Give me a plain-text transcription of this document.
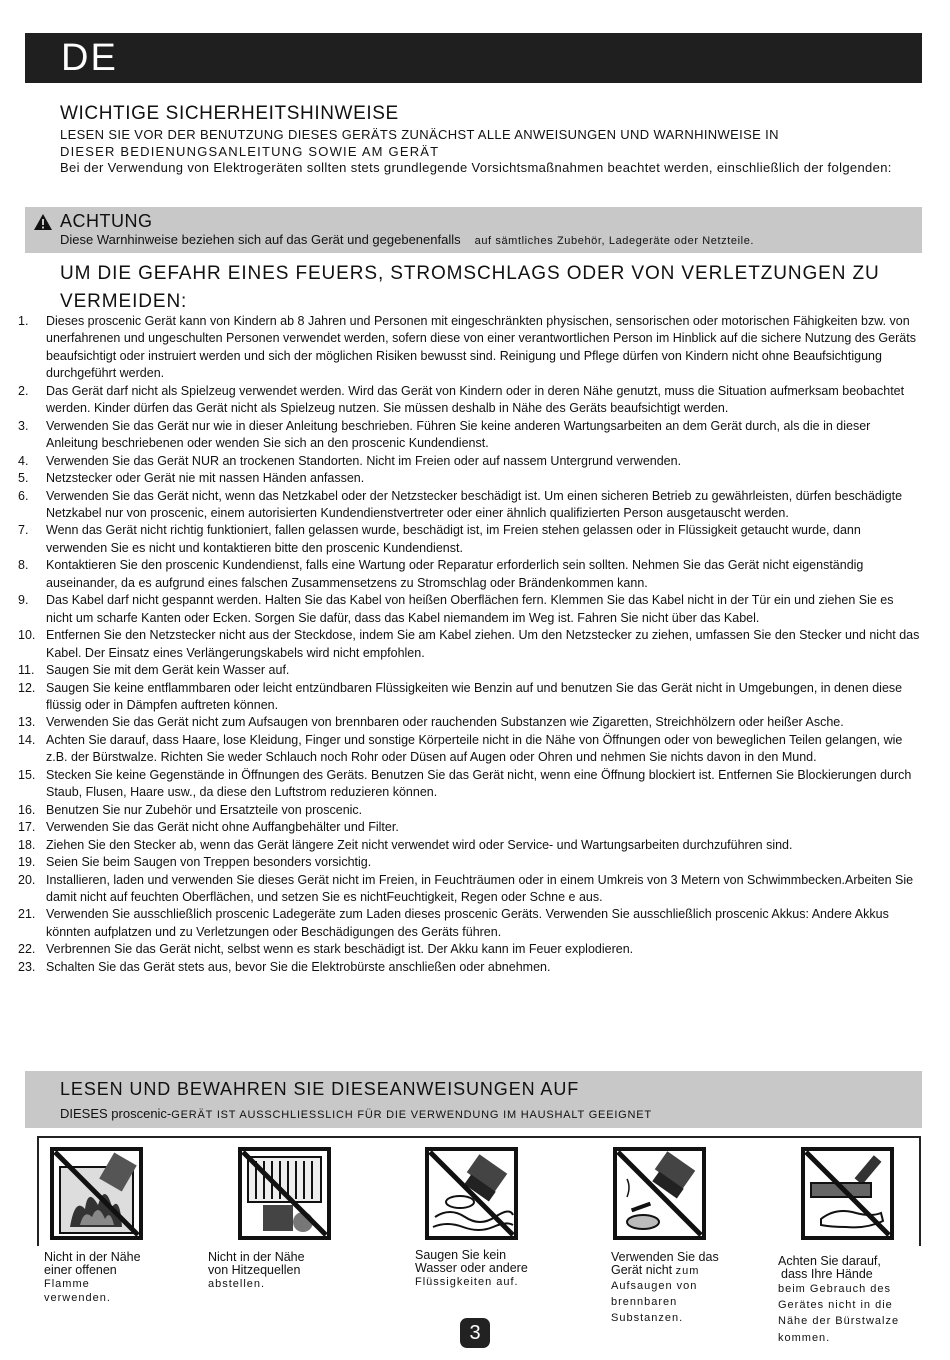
DE
WICHTIGE SICHERHEITSHINWEISE

LESEN SIE VOR DER BENUTZUNG DIESES GERÄTS ZUNÄCHST ALLE ANWEISUNGEN UND WARNHINWEISE IN

DIESER BEDIENUNGSANLEITUNG SOWIE AM GERÄT

Bei der Verwendung von Elektrogeräten sollten stets grundlegende Vorsichtsmaßnahmen beachtet werden, einschließlich der folgenden:

ACHTUNG
Diese Warnhinweise beziehen sich auf das Gerät und gegebenenfalls auf sämtliches Zubehör, Ladegeräte oder Netzteile.
UM DIE GEFAHR EINES FEUERS, STROMSCHLAGS ODER VON VERLETZUNGEN ZU VERMEIDEN:
1. Dieses proscenic Gerät kann von Kindern ab 8 Jahren und Personen mit eingeschränkten physischen, sensorischen oder motorischen Fähigkeiten bzw. von unerfahrenen und ungeschulten Personen verwendet werden, sofern diese von einer verantwortlichen Person im Hinblick auf die sichere Nutzung des Geräts beaufsichtigt oder instruiert werden und sich der möglichen Risiken bewusst sind. Reinigung und Pflege dürfen von Kindern nicht ohne Beaufsichtigung durchgeführt werden.
2. Das Gerät darf nicht als Spielzeug verwendet werden. Wird das Gerät von Kindern oder in deren Nähe genutzt, muss die Situation aufmerksam beobachtet werden. Kinder dürfen das Gerät nicht als Spielzeug nutzen. Sie müssen deshalb in Nähe des Geräts beaufsichtigt werden.
3. Verwenden Sie das Gerät nur wie in dieser Anleitung beschrieben. Führen Sie keine anderen Wartungsarbeiten an dem Gerät durch, als die in dieser Anleitung beschriebenen oder wenden Sie sich an den proscenic Kundendienst.
4. Verwenden Sie das Gerät NUR an trockenen Standorten. Nicht im Freien oder auf nassem Untergrund verwenden.
5. Netzstecker oder Gerät nie mit nassen Händen anfassen.
6. Verwenden Sie das Gerät nicht, wenn das Netzkabel oder der Netzstecker beschädigt ist. Um einen sicheren Betrieb zu gewährleisten, dürfen beschädigte Netzkabel nur von proscenic, einem autorisierten Kundendienstvertreter oder einer ähnlich qualifizierten Person ausgetauscht werden.
7. Wenn das Gerät nicht richtig funktioniert, fallen gelassen wurde, beschädigt ist, im Freien stehen gelassen oder in Flüssigkeit getaucht wurde, dann verwenden Sie es nicht und kontaktieren bitte den proscenic Kundendienst.
8. Kontaktieren Sie den proscenic Kundendienst, falls eine Wartung oder Reparatur erforderlich sein sollten. Nehmen Sie das Gerät nicht eigenständig auseinander, da es aufgrund eines falschen Zusammensetzens zu Stromschlag oder Brändenkommen kann.
9. Das Kabel darf nicht gespannt werden. Halten Sie das Kabel von heißen Oberflächen fern. Klemmen Sie das Kabel nicht in der Tür ein und ziehen Sie es nicht um scharfe Kanten oder Ecken. Sorgen Sie dafür, dass das Kabel niemandem im Weg ist. Fahren Sie nicht über das Kabel.
10. Entfernen Sie den Netzstecker nicht aus der Steckdose, indem Sie am Kabel ziehen. Um den Netzstecker zu ziehen, umfassen Sie den Stecker und nicht das Kabel. Der Einsatz eines Verlängerungskabels wird nicht empfohlen.
11. Saugen Sie mit dem Gerät kein Wasser auf.
12. Saugen Sie keine entflammbaren oder leicht entzündbaren Flüssigkeiten wie Benzin auf und benutzen Sie das Gerät nicht in Umgebungen, in denen diese flüssig oder in Dämpfen auftreten können.
13. Verwenden Sie das Gerät nicht zum Aufsaugen von brennbaren oder rauchenden Substanzen wie Zigaretten, Streichhölzern oder heißer Asche.
14. Achten Sie darauf, dass Haare, lose Kleidung, Finger und sonstige Körperteile nicht in die Nähe von Öffnungen oder von beweglichen Teilen gelangen, wie z.B. der Bürstwalze. Richten Sie weder Schlauch noch Rohr oder Düsen auf Augen oder Ohren und nehmen Sie nichts davon in den Mund.
15. Stecken Sie keine Gegenstände in Öffnungen des Geräts. Benutzen Sie das Gerät nicht, wenn eine Öffnung blockiert ist. Entfernen Sie Blockierungen durch Staub, Flusen, Haare usw., da diese den Luftstrom reduzieren können.
16. Benutzen Sie nur Zubehör und Ersatzteile von proscenic.
17. Verwenden Sie das Gerät nicht ohne Auffangbehälter und Filter.
18. Ziehen Sie den Stecker ab, wenn das Gerät längere Zeit nicht verwendet wird oder Service- und Wartungsarbeiten durchzuführen sind.
19. Seien Sie beim Saugen von Treppen besonders vorsichtig.
20. Installieren, laden und verwenden Sie dieses Gerät nicht im Freien, in Feuchträumen oder in einem Umkreis von 3 Metern von Schwimmbecken.Arbeiten Sie damit nicht auf feuchten Oberflächen, und setzen Sie es nichtFeuchtigkeit, Regen oder Schne e aus.
21. Verwenden Sie ausschließlich proscenic Ladegeräte zum Laden dieses proscenic Geräts. Verwenden Sie ausschließlich proscenic Akkus: Andere Akkus könnten aufplatzen und zu Verletzungen oder Beschädigungen des Geräts führen.
22. Verbrennen Sie das Gerät nicht, selbst wenn es stark beschädigt ist. Der Akku kann im Feuer explodieren.
23. Schalten Sie das Gerät stets aus, bevor Sie die Elektrobürste anschließen oder abnehmen.
LESEN UND BEWAHREN SIE DIESEANWEISUNGEN AUF
DIESES proscenic-GERÄT IST AUSSCHLIESSLICH FÜR DIE VERWENDUNG IM HAUSHALT GEEIGNET
Nicht in der Nähe
einer offenen
Flamme
verwenden.
Nicht in der Nähe
von Hitzequellen
abstellen.
Saugen Sie kein
Wasser oder andere
Flüssigkeiten auf.
Verwenden Sie das
Gerät nicht zum
Aufsaugen von
brennbaren
Substanzen.
Achten Sie darauf,
dass Ihre Hände
beim Gebrauch des
Gerätes nicht in die
Nähe der Bürstwalze
kommen.
3
